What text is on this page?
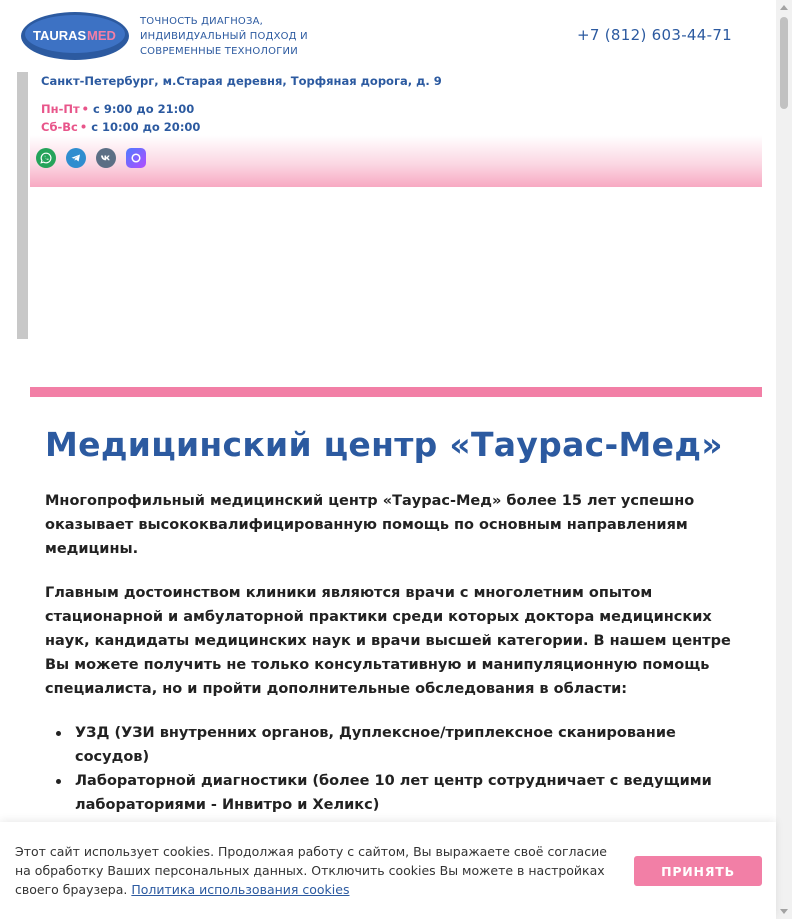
TAURAS MED
ТОЧНОСТЬ ДИАГНОЗА,
ИНДИВИДУАЛЬНЫЙ ПОДХОД И
СОВРЕМЕННЫЕ ТЕХНОЛОГИИ
+7 (812) 603-44-71
Санкт-Петербург, м.Старая деревня, Торфяная дорога, д. 9
Пн-Пт • с 9:00 до 21:00
Сб-Вс • с 10:00 до 20:00
Медицинский центр «Таурас-Мед»

Многопрофильный медицинский центр «Таурас-Мед» более 15 лет успешно оказывает высококвалифицированную помощь по основным направлениям медицины.

Главным достоинством клиники являются врачи с многолетним опытом стационарной и амбулаторной практики среди которых доктора медицинских наук, кандидаты медицинских наук и врачи высшей категории. В нашем центре Вы можете получить не только консультативную и манипуляционную помощь специалиста, но и пройти дополнительные обследования в области:

УЗД (УЗИ внутренних органов, Дуплексное/триплексное сканирование сосудов)
Лабораторной диагностики (более 10 лет центр сотрудничает с ведущими лабораториями - Инвитро и Хеликс)
Этот сайт использует cookies. Продолжая работу с сайтом, Вы выражаете своё согласие на обработку Ваших персональных данных. Отключить cookies Вы можете в настройках своего браузера. Политика использования cookies
ПРИНЯТЬ
